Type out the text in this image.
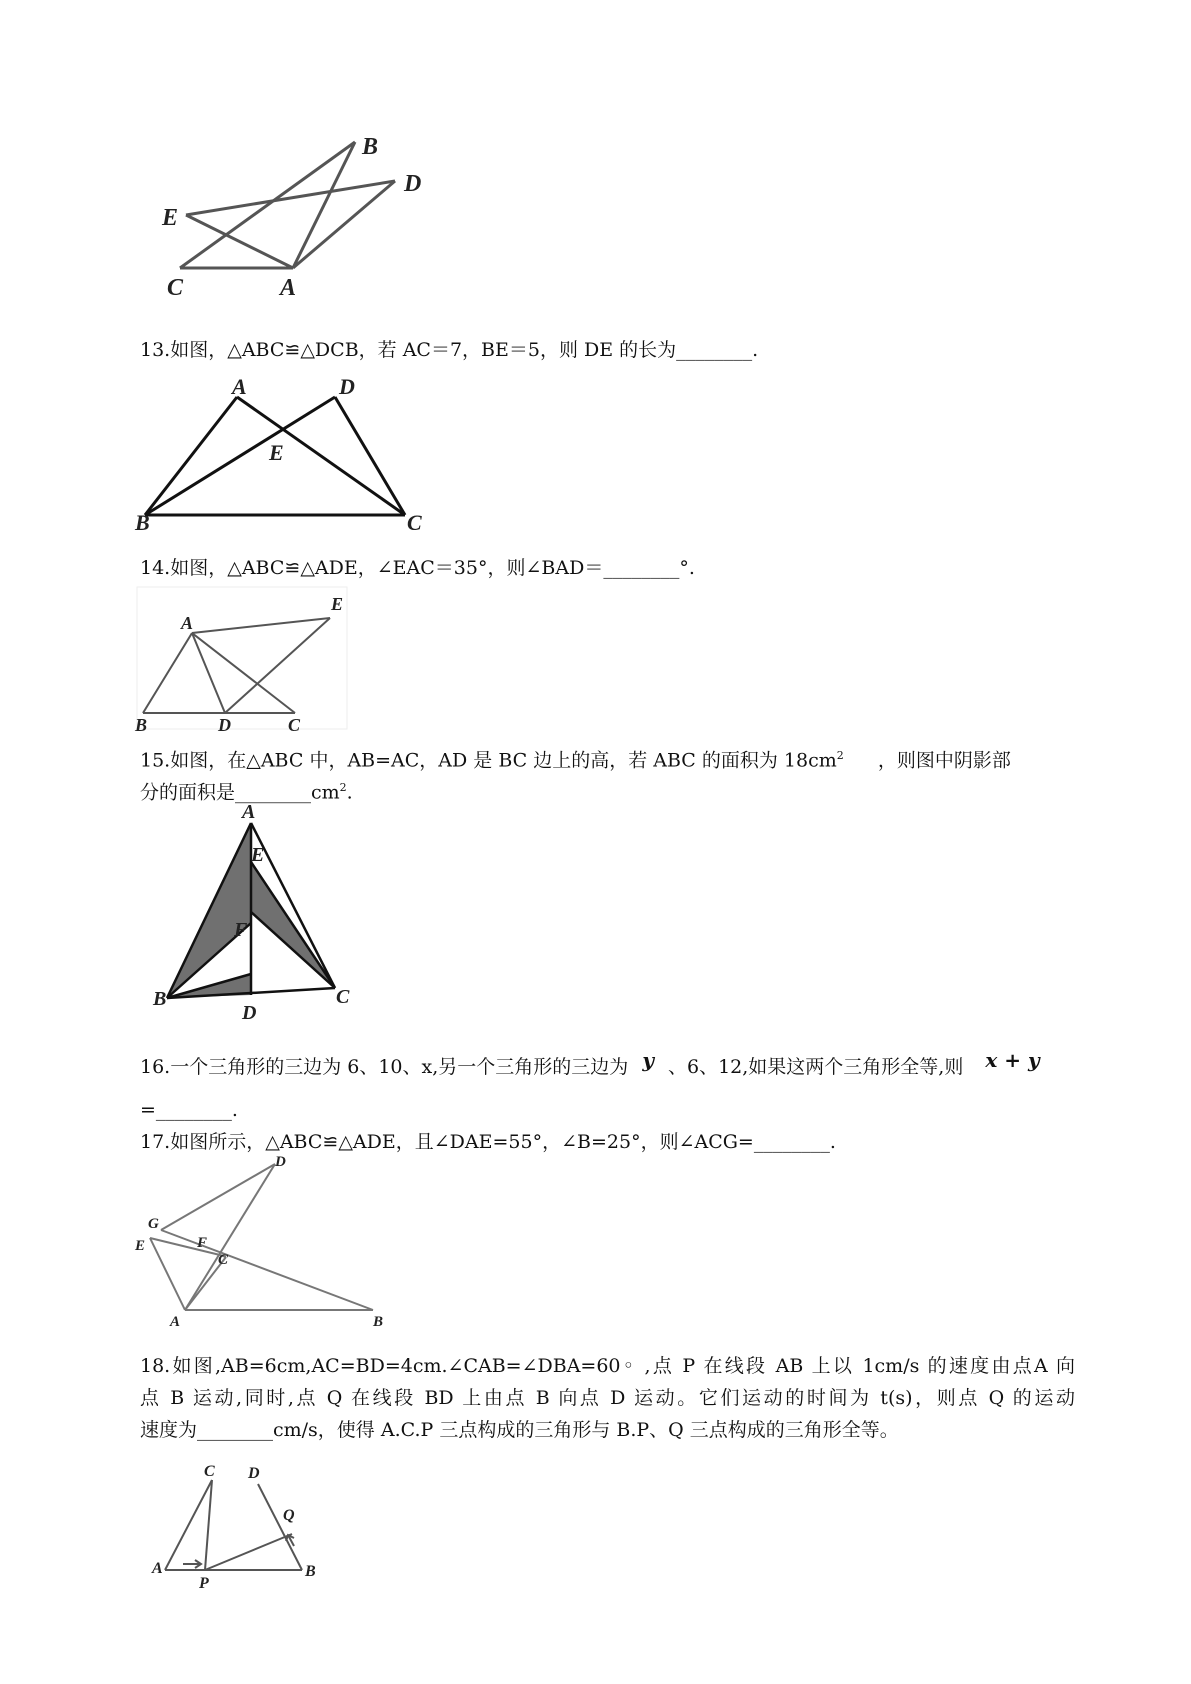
B
D
E
C	A
13.如图，△ABC≌△DCB，若 AC＝7，BE＝5，则 DE 的长为________.
A	D
E
B	C
14.如图，△ABC≌△ADE，∠EAC＝35°，则∠BAD＝________°.
A
E
B	D	C
15.如图，在△ABC 中，AB=AC，AD 是 BC 边上的高，若 ABC 的面积为 $18cm^2$ ，则图中阴影部
分的面积是$\_\_\_\_\_\_\_\_cm^2$.
A
E
F
B
D
C
16.一个三角形的三边为 6、10、x,另一个三角形的三边为 y 、6、12,如果这两个三角形全等,则 x + y
=________.
17.如图所示，△ABC≌△ADE，且∠DAE=55°，∠B=25°，则∠ACG=________.
D
G
F
C
E
A	B
18.如图,AB=6cm,AC=BD=4cm.∠CAB=∠DBA=60◦ ,点 P 在线段 AB 上以 1cm/s 的速度由点A 向
点 B 运动,同时,点 Q 在线段 BD 上由点 B 向点 D 运动。它们运动的时间为 t(s)，则点 Q 的运动
速度为________cm/s，使得 A.C.P 三点构成的三角形与 B.P、Q 三点构成的三角形全等。
C D
Q
A
P
B
